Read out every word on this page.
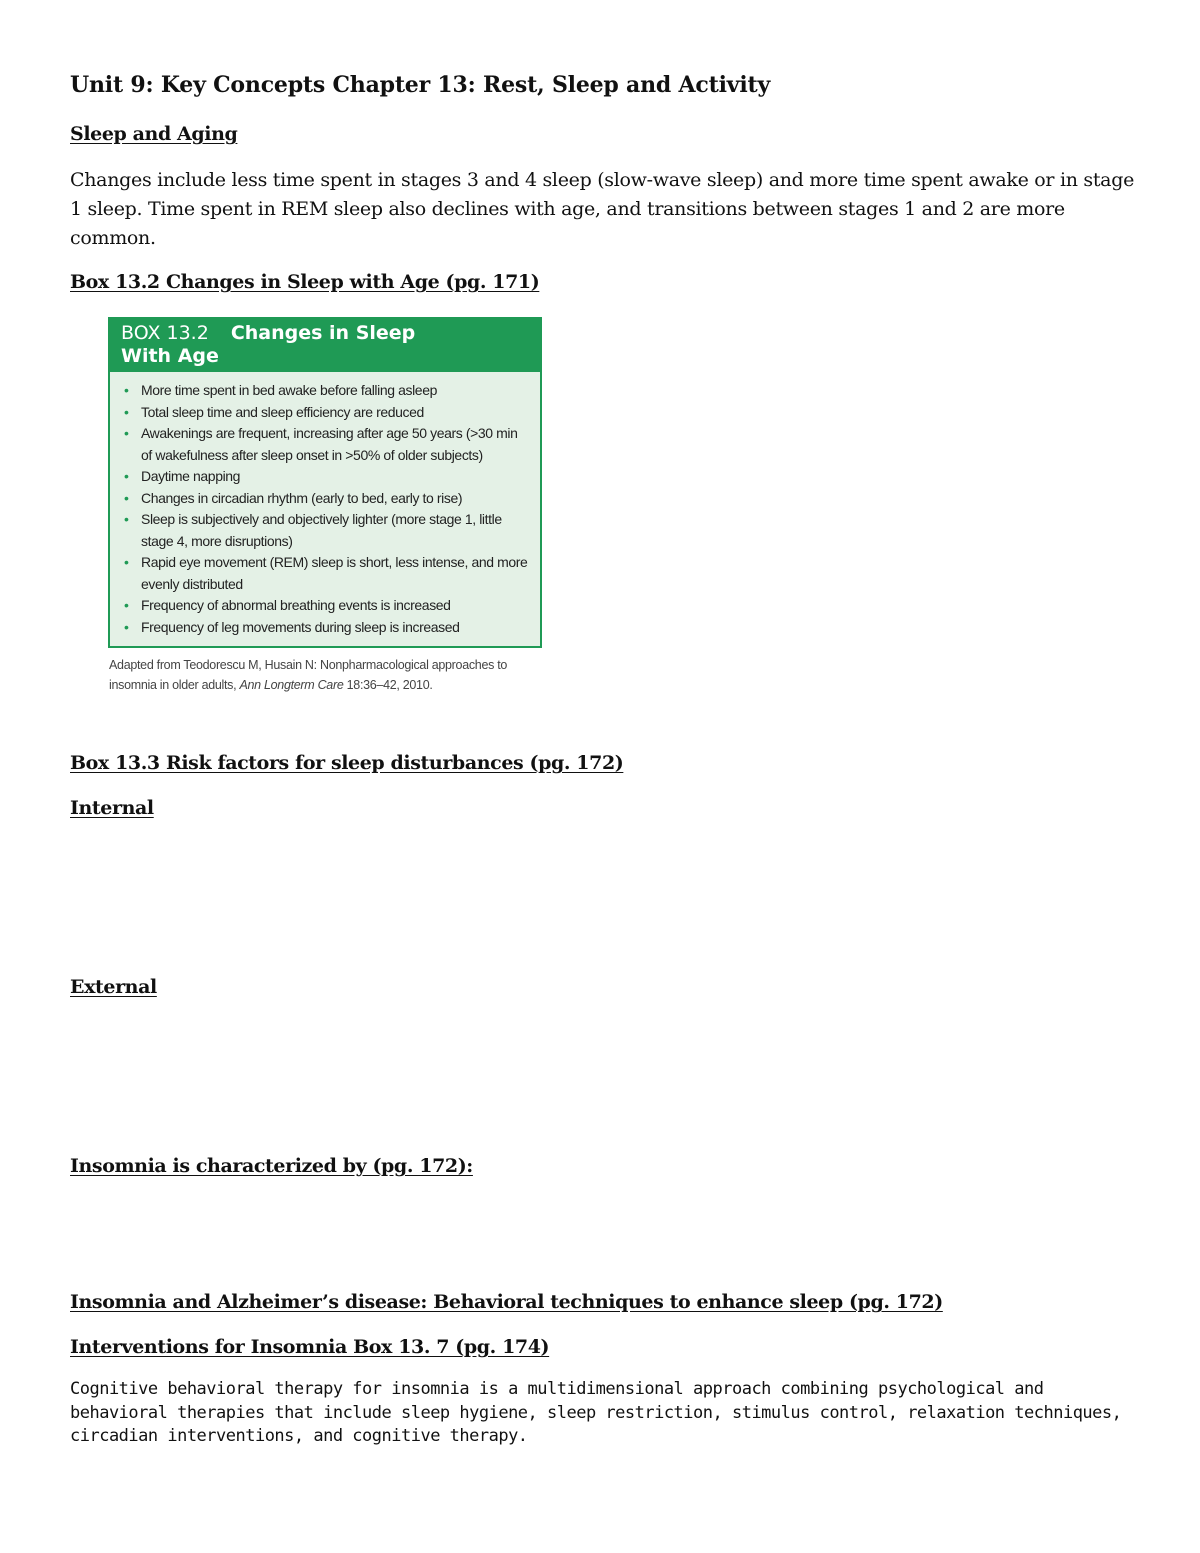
Unit 9: Key Concepts Chapter 13: Rest, Sleep and Activity
Sleep and Aging

Changes include less time spent in stages 3 and 4 sleep (slow-wave sleep) and more time spent awake or in stage 1 sleep. Time spent in REM sleep also declines with age, and transitions between stages 1 and 2 are more common.

Box 13.2 Changes in Sleep with Age (pg. 171)
BOX 13.2 Changes in Sleep
With Age
• More time spent in bed awake before falling asleep
• Total sleep time and sleep efficiency are reduced
• Awakenings are frequent, increasing after age 50 years (>30 min of wakefulness after sleep onset in >50% of older subjects)
• Daytime napping
• Changes in circadian rhythm (early to bed, early to rise)
• Sleep is subjectively and objectively lighter (more stage 1, little stage 4, more disruptions)
• Rapid eye movement (REM) sleep is short, less intense, and more evenly distributed
• Frequency of abnormal breathing events is increased
• Frequency of leg movements during sleep is increased

Adapted from Teodorescu M, Husain N: Nonpharmacological approaches to insomnia in older adults, Ann Longterm Care 18:36–42, 2010.

Box 13.3 Risk factors for sleep disturbances (pg. 172)
Internal
External
Insomnia is characterized by (pg. 172):
Insomnia and Alzheimer’s disease: Behavioral techniques to enhance sleep (pg. 172)
Interventions for Insomnia Box 13. 7 (pg. 174)

Cognitive behavioral therapy for insomnia is a multidimensional approach combining psychological and behavioral therapies that include sleep hygiene, sleep restriction, stimulus control, relaxation techniques, circadian interventions, and cognitive therapy.
